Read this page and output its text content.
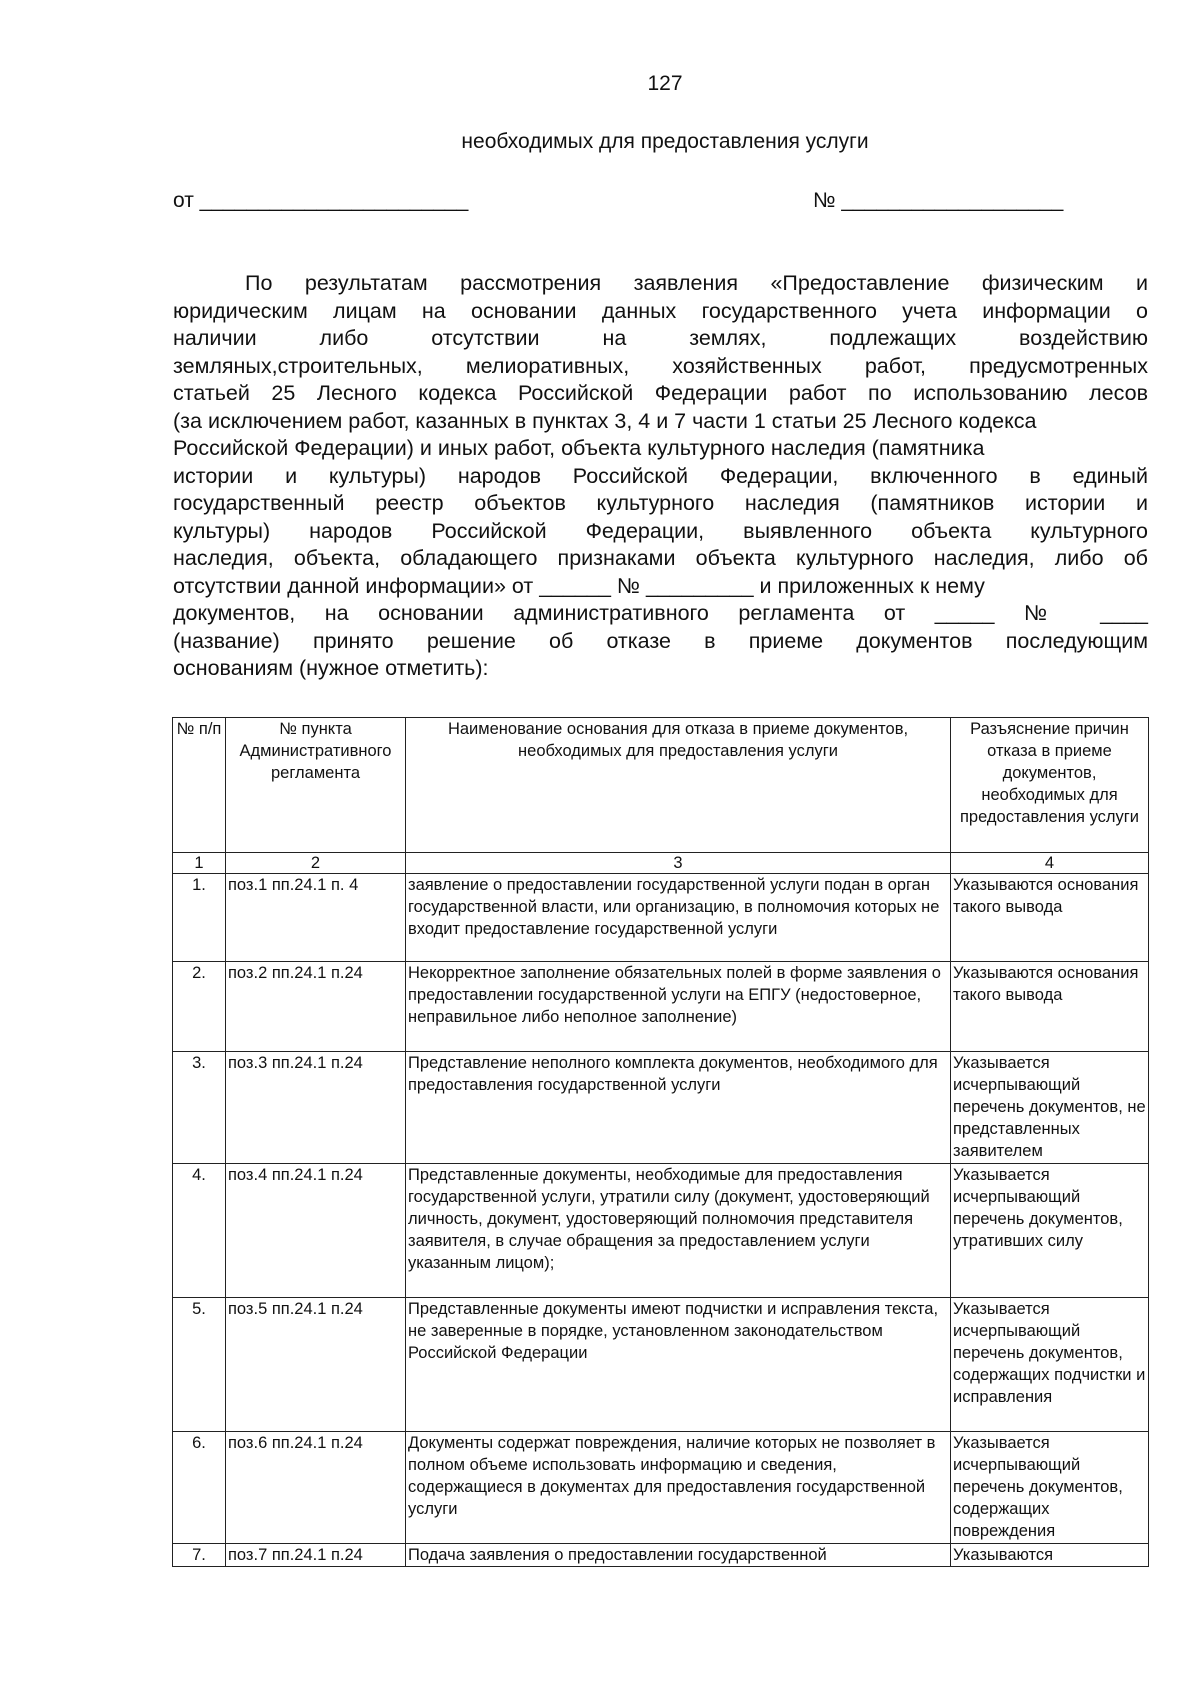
127
необходимых для предоставления услуги
от _______________________	№ ___________________
По результатам рассмотрения заявления «Предоставление физическим и
юридическим лицам на основании данных государственного учета информации о
наличии либо отсутствии на землях, подлежащих воздействию
земляных,строительных, мелиоративных, хозяйственных работ, предусмотренных
статьей 25 Лесного кодекса Российской Федерации работ по использованию лесов
(за исключением работ, казанных в пунктах 3, 4 и 7 части 1 статьи 25 Лесного кодекса
Российской Федерации) и иных работ, объекта культурного наследия (памятника
истории и культуры) народов Российской Федерации, включенного в единый
государственный реестр объектов культурного наследия (памятников истории и
культуры) народов Российской Федерации, выявленного объекта культурного
наследия, объекта, обладающего признаками объекта культурного наследия, либо об
отсутствии данной информации» от ______ № _________ и приложенных к нему
документов, на основании административного регламента от _____ № ____
(название) принято решение об отказе в приеме документов последующим
основаниям (нужное отметить):
№ п/п	№ пункта Административного регламента	Наименование основания для отказа в приеме документов, необходимых для предоставления услуги	Разъяснение причин отказа в приеме документов, необходимых для предоставления услуги
1	2	3	4
1.	поз.1 пп.24.1 п. 4	заявление о предоставлении государственной услуги подан в орган государственной власти, или организацию, в полномочия которых не входит предоставление государственной услуги	Указываются основания такого вывода
2.	поз.2 пп.24.1 п.24	Некорректное заполнение обязательных полей в форме заявления о предоставлении государственной услуги на ЕПГУ (недостоверное, неправильное либо неполное заполнение)	Указываются основания такого вывода
3.	поз.3 пп.24.1 п.24	Представление неполного комплекта документов, необходимого для предоставления государственной услуги	Указывается исчерпывающий перечень документов, не представленных заявителем
4.	поз.4 пп.24.1 п.24	Представленные документы, необходимые для предоставления государственной услуги, утратили силу (документ, удостоверяющий личность, документ, удостоверяющий полномочия представителя заявителя, в случае обращения за предоставлением услуги указанным лицом);	Указывается исчерпывающий перечень документов, утративших силу
5.	поз.5 пп.24.1 п.24	Представленные документы имеют подчистки и исправления текста, не заверенные в порядке, установленном законодательством Российской Федерации	Указывается исчерпывающий перечень документов, содержащих подчистки и исправления
6.	поз.6 пп.24.1 п.24	Документы содержат повреждения, наличие которых не позволяет в полном объеме использовать информацию и сведения, содержащиеся в документах для предоставления государственной услуги	Указывается исчерпывающий перечень документов, содержащих повреждения
7.	поз.7 пп.24.1 п.24	Подача заявления о предоставлении государственной	Указываются
